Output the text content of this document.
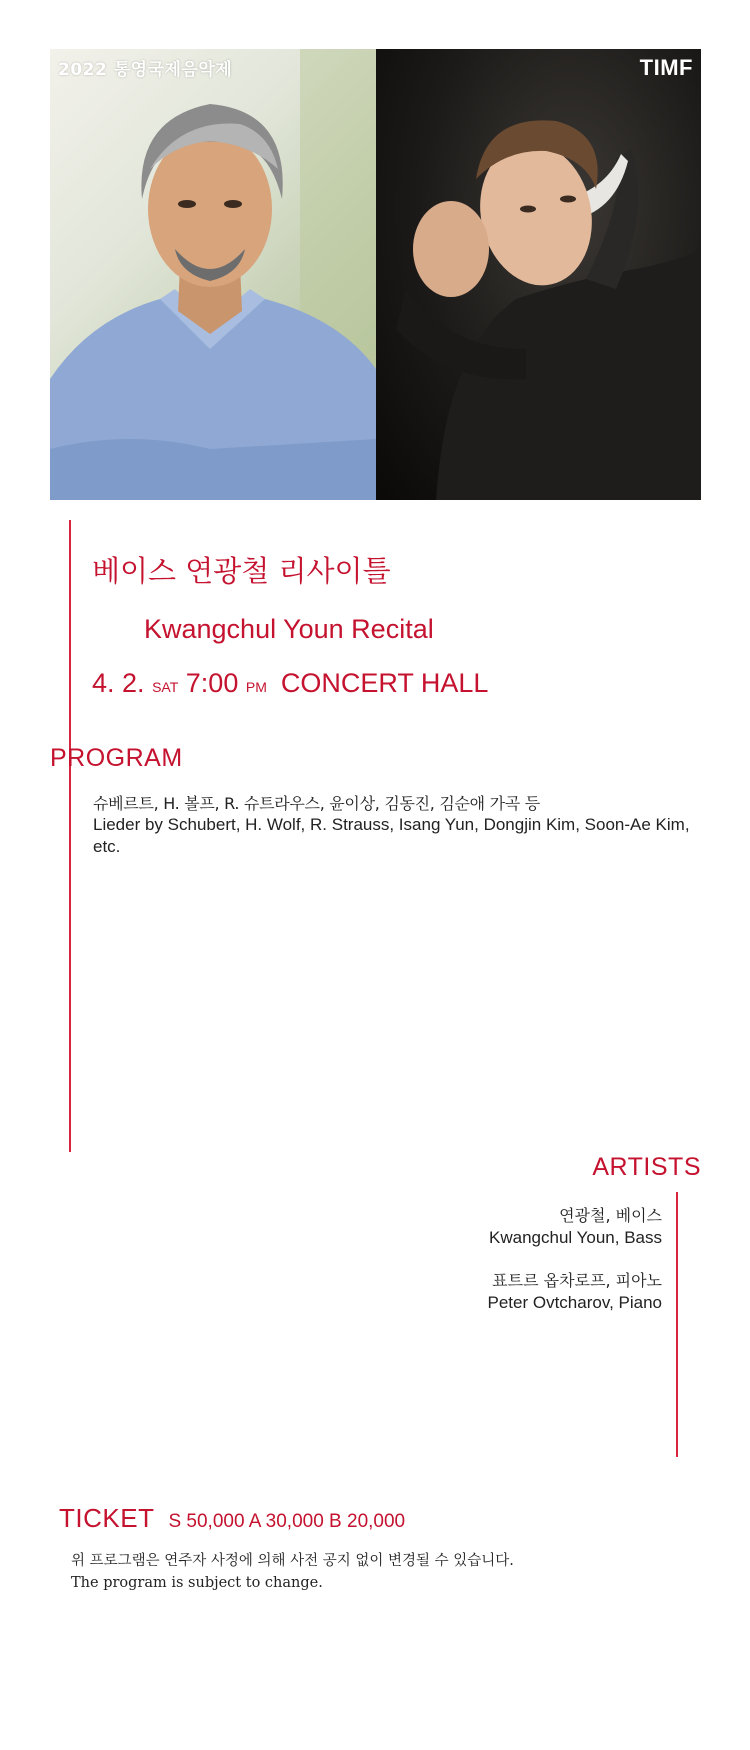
2022 통영국제음악제	TIMF
베이스 연광철 리사이틀
Kwangchul Youn Recital
4. 2. SAT 7:00 PM CONCERT HALL
PROGRAM
슈베르트, H. 볼프, R. 슈트라우스, 윤이상, 김동진, 김순애 가곡 등
Lieder by Schubert, H. Wolf, R. Strauss, Isang Yun, Dongjin Kim, Soon-Ae Kim, etc.
ARTISTS
연광철, 베이스
Kwangchul Youn, Bass
표트르 옵차로프, 피아노
Peter Ovtcharov, Piano
TICKET S 50,000 A 30,000 B 20,000
위 프로그램은 연주자 사정에 의해 사전 공지 없이 변경될 수 있습니다.
The program is subject to change.
